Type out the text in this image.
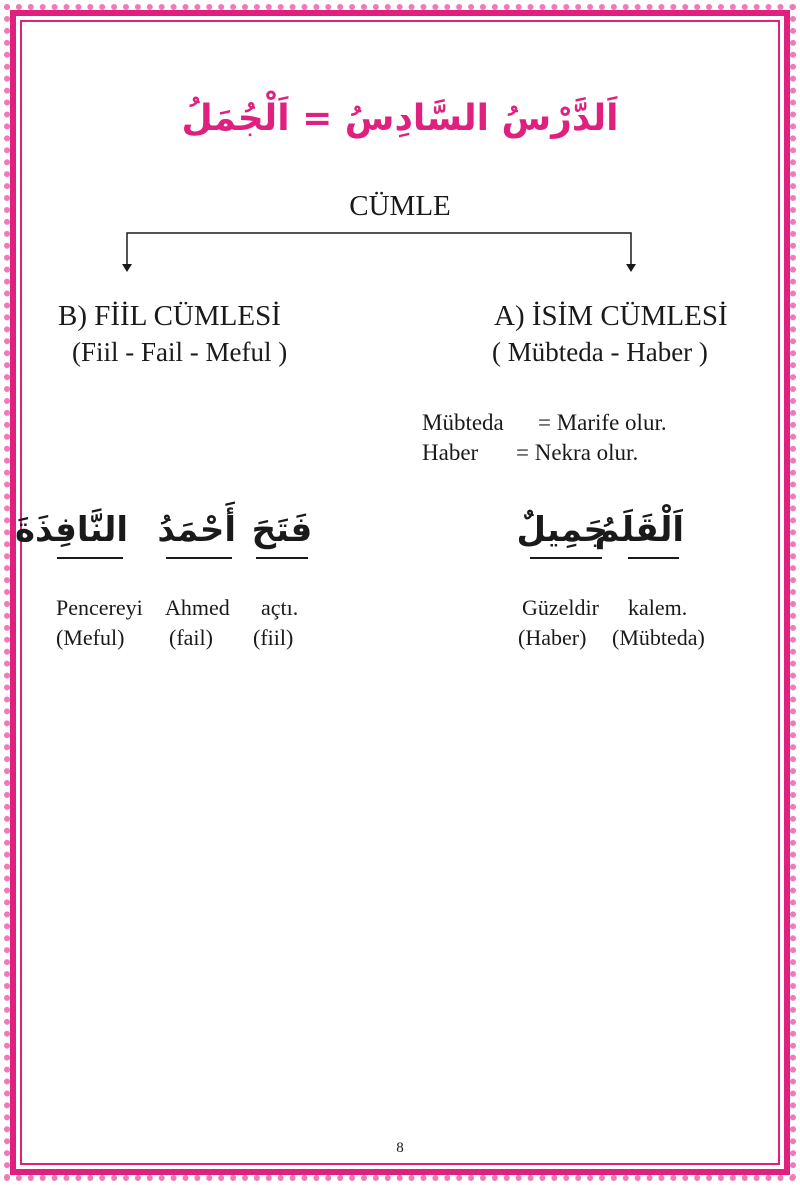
اَلدَّرْسُ السَّادِسُ = اَلْجُمَلُ
CÜMLE
B) FİİL CÜMLESİ
(Fiil - Fail - Meful )
A) İSİM CÜMLESİ
( Mübteda - Haber )
Mübteda = Marife olur.
Haber = Nekra olur.
النَّافِذَةَ أَحْمَدُ فَتَحَ	جَمِيلٌ
اَلْقَلَمُ
Pencereyi Ahmed açtı.
(Meful) (fail) (fiil)
Güzeldir kalem.
(Haber) (Mübteda)
8
